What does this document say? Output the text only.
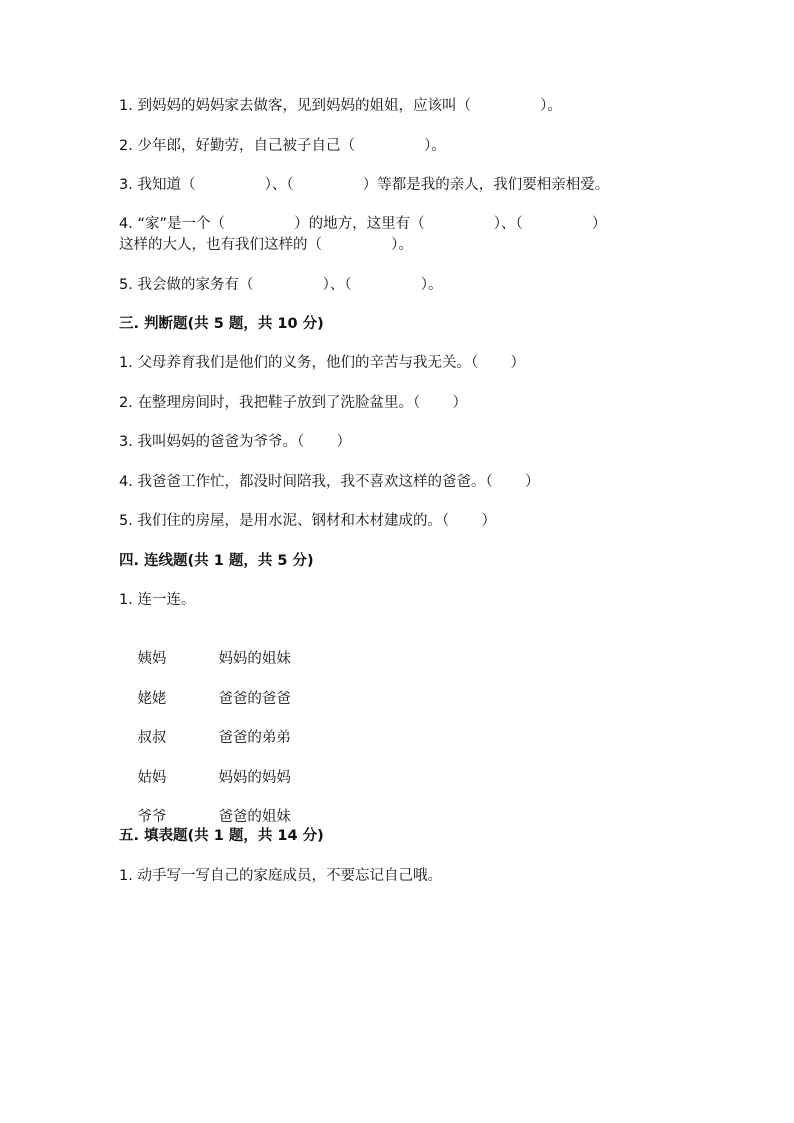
1. 到妈妈的妈妈家去做客，见到妈妈的姐姐，应该叫（               ）。
2. 少年郎，好勤劳，自己被子自己（               ）。
3. 我知道（               ）、（               ）等都是我的亲人，我们要相亲相爱。
4. “家”是一个（               ）的地方，这里有（               ）、（               ）
这样的大人，也有我们这样的（               ）。
5. 我会做的家务有（               ）、（               ）。
三. 判断题(共 5 题，共 10 分)
1. 父母养育我们是他们的义务，他们的辛苦与我无关。（       ）
2. 在整理房间时，我把鞋子放到了洗脸盆里。（       ）
3. 我叫妈妈的爸爸为爷爷。（       ）
4. 我爸爸工作忙，都没时间陪我，我不喜欢这样的爸爸。（       ）
5. 我们住的房屋，是用水泥、钢材和木材建成的。（       ）
四. 连线题(共 1 题，共 5 分)
1. 连一连。

姨妈	妈妈的姐妹

姥姥	爸爸的爸爸

叔叔	爸爸的弟弟

姑妈	妈妈的妈妈

爷爷	爸爸的姐妹

五. 填表题(共 1 题，共 14 分)
1. 动手写一写自己的家庭成员，不要忘记自己哦。
